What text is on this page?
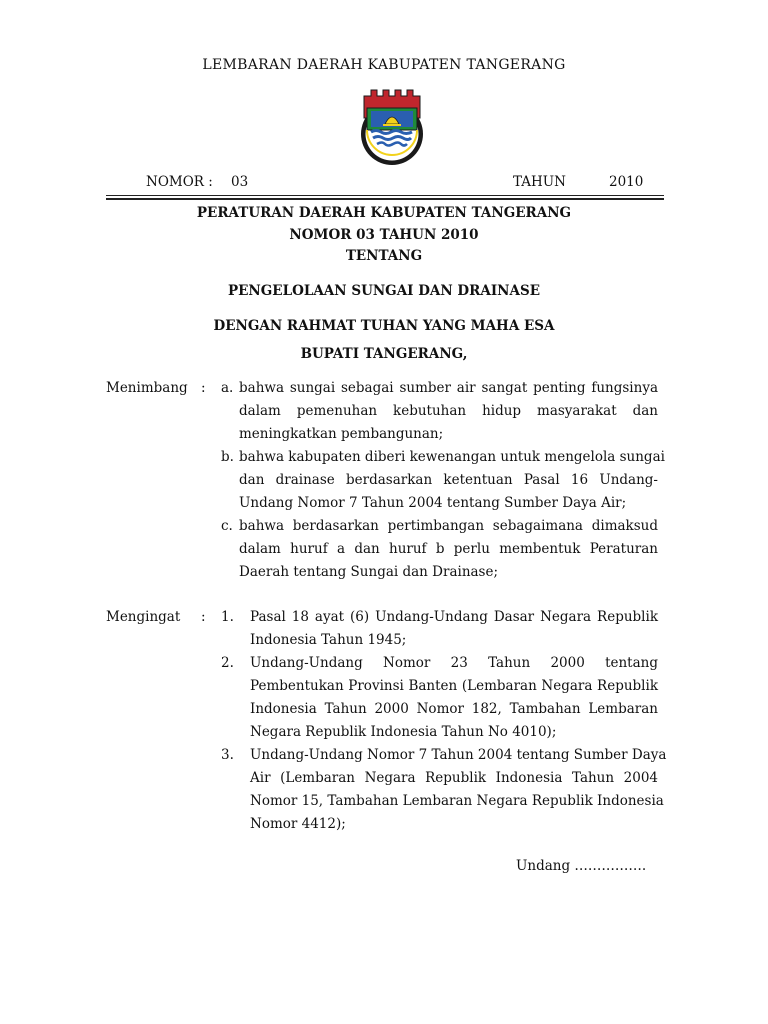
LEMBARAN DAERAH KABUPATEN TANGERANG
NOMOR : 03	TAHUN	2010
PERATURAN DAERAH KABUPATEN TANGERANG
NOMOR 03 TAHUN 2010
TENTANG
PENGELOLAAN SUNGAI DAN DRAINASE
DENGAN RAHMAT TUHAN YANG MAHA ESA
BUPATI TANGERANG,
Menimbang : a. bahwa sungai sebagai sumber air sangat penting fungsinya
dalam pemenuhan kebutuhan hidup masyarakat dan
meningkatkan pembangunan;
b. bahwa kabupaten diberi kewenangan untuk mengelola sungai
dan drainase berdasarkan ketentuan Pasal 16 Undang-
Undang Nomor 7 Tahun 2004 tentang Sumber Daya Air;
c. bahwa berdasarkan pertimbangan sebagaimana dimaksud
dalam huruf a dan huruf b perlu membentuk Peraturan
Daerah tentang Sungai dan Drainase;
Mengingat : 1. Pasal 18 ayat (6) Undang-Undang Dasar Negara Republik
Indonesia Tahun 1945;
2. Undang-Undang Nomor 23 Tahun 2000 tentang
Pembentukan Provinsi Banten (Lembaran Negara Republik
Indonesia Tahun 2000 Nomor 182, Tambahan Lembaran
Negara Republik Indonesia Tahun No 4010);
3. Undang-Undang Nomor 7 Tahun 2004 tentang Sumber Daya
Air (Lembaran Negara Republik Indonesia Tahun 2004
Nomor 15, Tambahan Lembaran Negara Republik Indonesia
Nomor 4412);
Undang …………….
